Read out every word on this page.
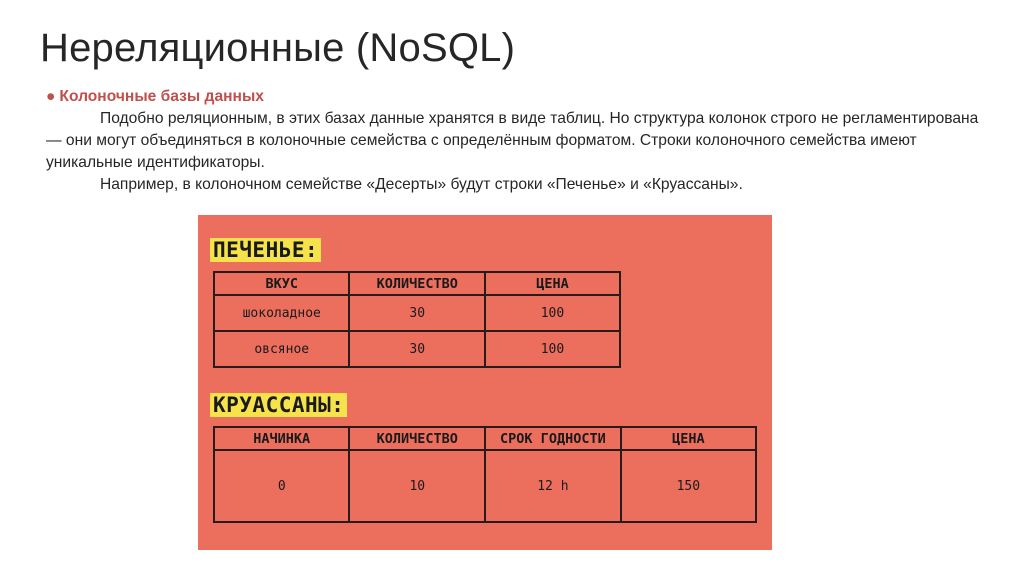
Нереляционные (NoSQL)
● Колоночные базы данных

Подобно реляционным, в этих базах данные хранятся в виде таблиц. Но структура колонок строго не регламентирована — они могут объединяться в колоночные семейства с определённым форматом. Строки колоночного семейства имеют уникальные идентификаторы.

Например, в колоночном семействе «Десерты» будут строки «Печенье» и «Круассаны».

ПЕЧЕНЬЕ:
ВКУС	КОЛИЧЕСТВО	ЦЕНА
шоколадное	30	100
овсяное	30	100
КРУАССАНЫ:
НАЧИНКА	КОЛИЧЕСТВО	СРОК ГОДНОСТИ	ЦЕНА
0	10	12 h	150
